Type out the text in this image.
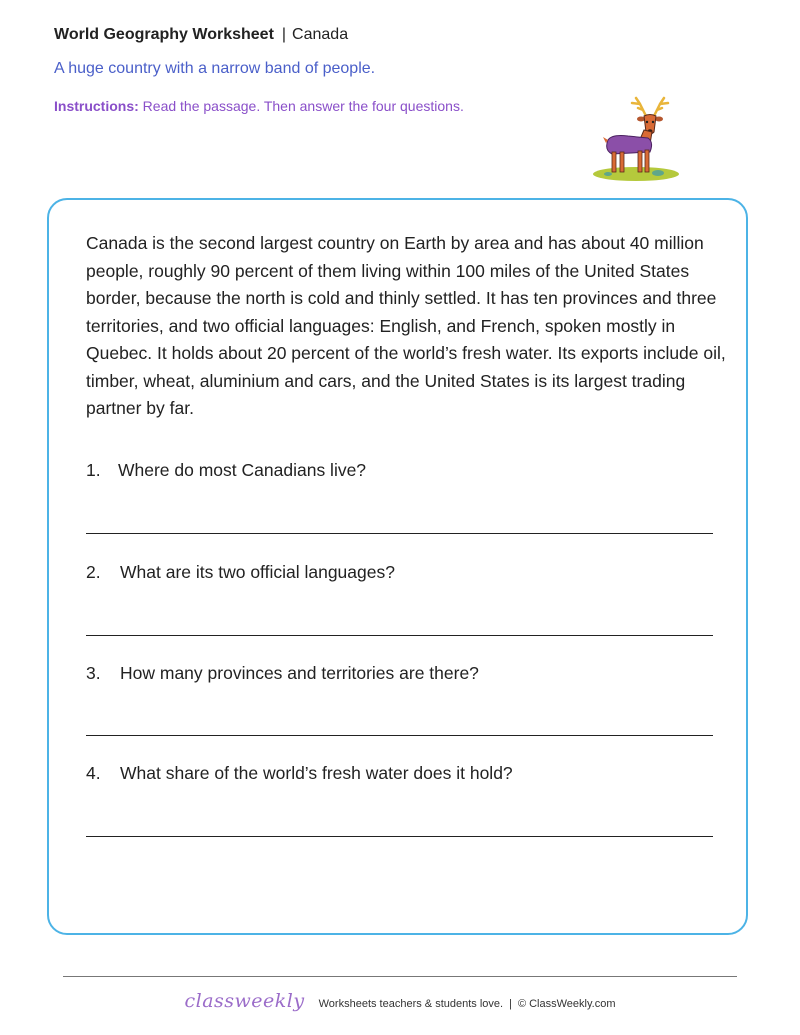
World Geography Worksheet | Canada
A huge country with a narrow band of people.
Instructions: Read the passage. Then answer the four questions.
Canada is the second largest country on Earth by area and has about 40 million people, roughly 90 percent of them living within 100 miles of the United States border, because the north is cold and thinly settled. It has ten provinces and three territories, and two official languages: English, and French, spoken mostly in Quebec. It holds about 20 percent of the world’s fresh water. Its exports include oil, timber, wheat, aluminium and cars, and the United States is its largest trading partner by far.
1. Where do most Canadians live?
2. What are its two official languages?
3. How many provinces and territories are there?
4. What share of the world’s fresh water does it hold?
classweekly Worksheets teachers & students love. | © ClassWeekly.com
